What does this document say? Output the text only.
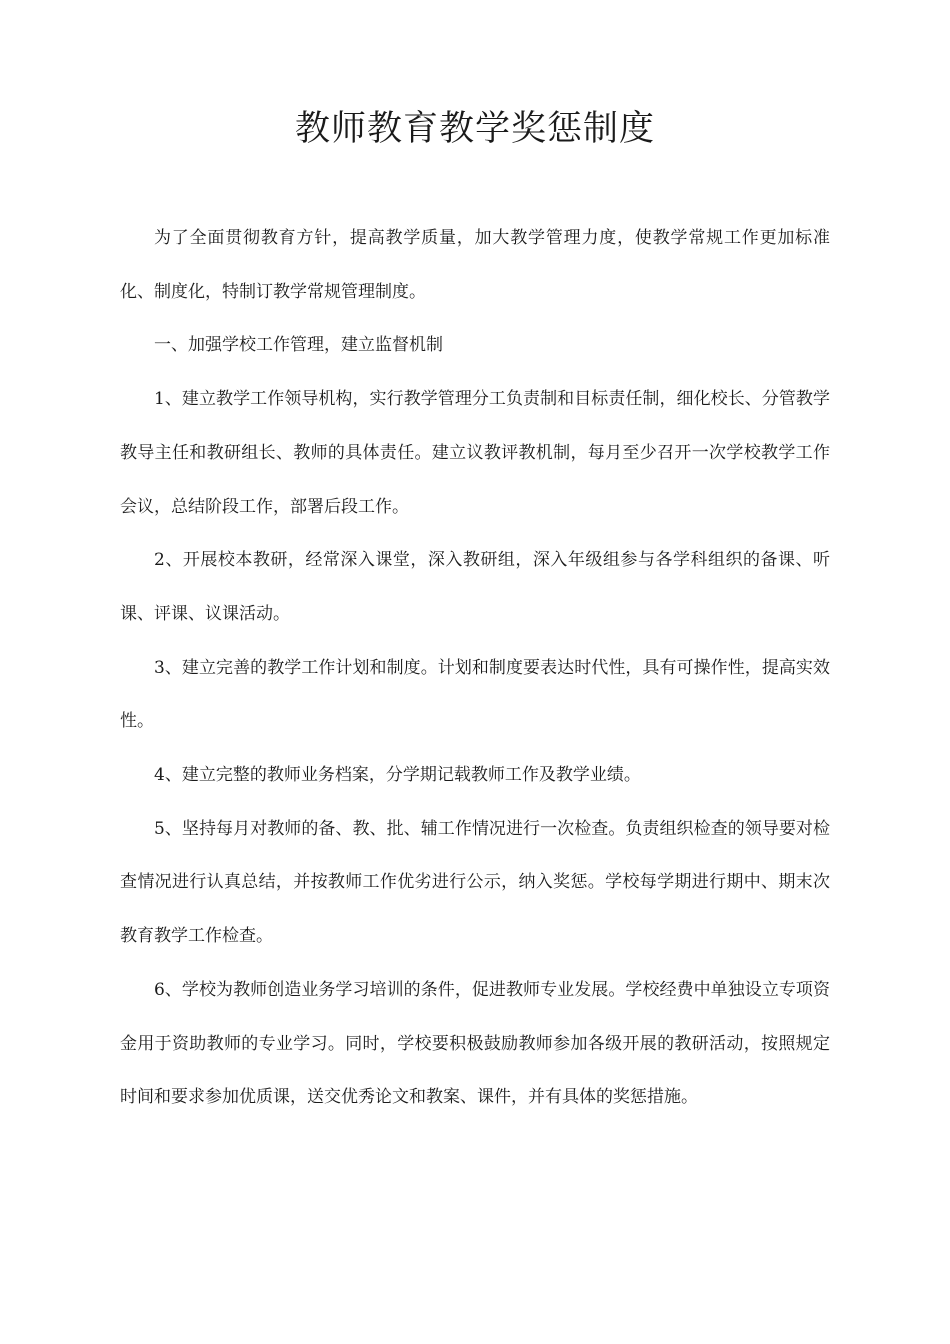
教师教育教学奖惩制度

为了全面贯彻教育方针，提高教学质量，加大教学管理力度，使教学常规工作更加标准化、制度化，特制订教学常规管理制度。

一、加强学校工作管理，建立监督机制

1、建立教学工作领导机构，实行教学管理分工负责制和目标责任制，细化校长、分管教学教导主任和教研组长、教师的具体责任。建立议教评教机制，每月至少召开一次学校教学工作会议，总结阶段工作，部署后段工作。

2、开展校本教研，经常深入课堂，深入教研组，深入年级组参与各学科组织的备课、听课、评课、议课活动。

3、建立完善的教学工作计划和制度。计划和制度要表达时代性，具有可操作性，提高实效性。

4、建立完整的教师业务档案，分学期记载教师工作及教学业绩。

5、坚持每月对教师的备、教、批、辅工作情况进行一次检查。负责组织检查的领导要对检查情况进行认真总结，并按教师工作优劣进行公示，纳入奖惩。学校每学期进行期中、期末次教育教学工作检查。

6、学校为教师创造业务学习培训的条件，促进教师专业发展。学校经费中单独设立专项资金用于资助教师的专业学习。同时，学校要积极鼓励教师参加各级开展的教研活动，按照规定时间和要求参加优质课，送交优秀论文和教案、课件，并有具体的奖惩措施。
